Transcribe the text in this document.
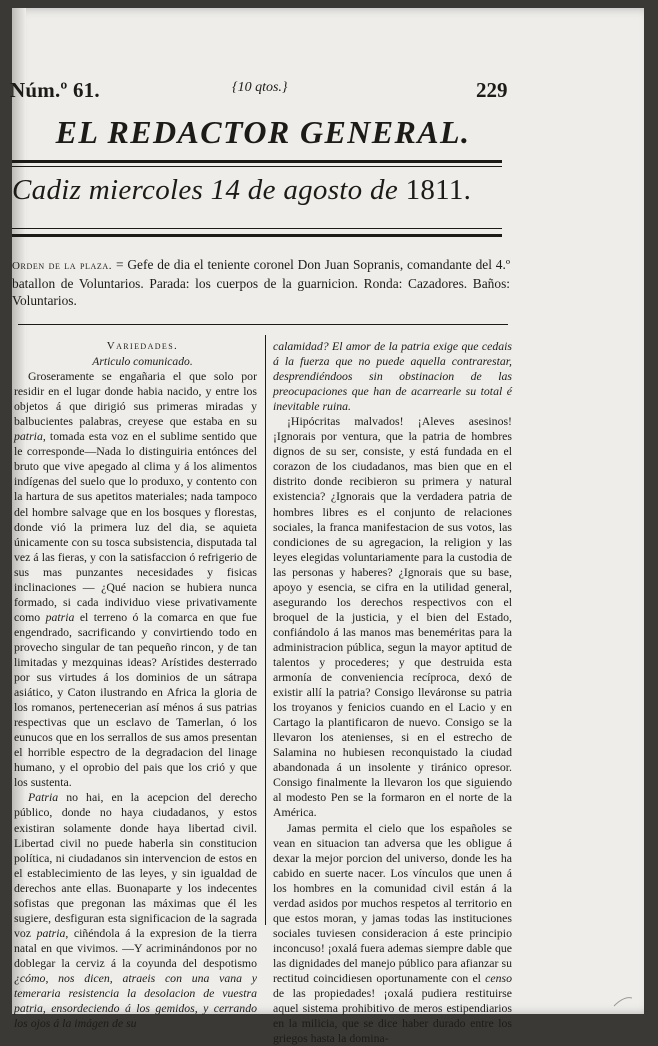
Núm.º 61.	{10 qtos.}	229
EL REDACTOR GENERAL.
Cadiz miercoles 14 de agosto de 1811.
Orden de la plaza. = Gefe de dia el teniente coronel Don Juan Sopranis, comandante del 4.º batallon de Voluntarios. Parada: los cuerpos de la guarnicion. Ronda: Cazadores. Baños: Voluntarios.

Variedades.

Articulo comunicado.

Groseramente se engañaria el que solo por residir en el lugar donde habia nacido, y entre los objetos á que dirigió sus primeras miradas y balbucientes palabras, creyese que estaba en su patria, tomada esta voz en el sublime sentido que le corresponde—Nada lo distinguiria entónces del bruto que vive apegado al clima y á los alimentos indígenas del suelo que lo produxo, y contento con la hartura de sus apetitos materiales; nada tampoco del hombre salvage que en los bosques y florestas, donde vió la primera luz del dia, se aquieta únicamente con su tosca subsistencia, disputada tal vez á las fieras, y con la satisfaccion ó refrigerio de sus mas punzantes necesidades y fisicas inclinaciones — ¿Qué nacion se hubiera nunca formado, si cada individuo viese privativamente como patria el terreno ó la comarca en que fue engendrado, sacrificando y convirtiendo todo en provecho singular de tan pequeño rincon, y de tan limitadas y mezquinas ideas? Arístides desterrado por sus virtudes á los dominios de un sátrapa asiático, y Caton ilustrando en Africa la gloria de los romanos, pertenecerian así ménos á sus patrias respectivas que un esclavo de Tamerlan, ó los eunucos que en los serrallos de sus amos presentan el horrible espectro de la degradacion del linage humano, y el oprobio del pais que los crió y que los sustenta.

Patria no hai, en la acepcion del derecho público, donde no haya ciudadanos, y estos existiran solamente donde haya libertad civil. Libertad civil no puede haberla sin constitucion política, ni ciudadanos sin intervencion de estos en el establecimiento de las leyes, y sin igualdad de derechos ante ellas. Buonaparte y los indecentes sofistas que pregonan las máximas que él les sugiere, desfiguran esta significacion de la sagrada voz patria, ciñéndola á la expresion de la tierra natal en que vivimos. —Y acriminándonos por no doblegar la cerviz á la coyunda del despotismo ¿cómo, nos dicen, atraeis con una vana y temeraria resistencia la desolacion de vuestra patria, ensordeciendo á los gemidos, y cerrando los ojos á la imágen de su

calamidad? El amor de la patria exige que cedais á la fuerza que no puede aquella contrarestar, desprendiéndoos sin obstinacion de las preocupaciones que han de acarrearle su total é inevitable ruina.

¡Hipócritas malvados! ¡Aleves asesinos! ¡Ignorais por ventura, que la patria de hombres dignos de su ser, consiste, y está fundada en el corazon de los ciudadanos, mas bien que en el distrito donde recibieron su primera y natural existencia? ¿Ignorais que la verdadera patria de hombres libres es el conjunto de relaciones sociales, la franca manifestacion de sus votos, las condiciones de su agregacion, la religion y las leyes elegidas voluntariamente para la custodia de las personas y haberes? ¿Ignorais que su base, apoyo y esencia, se cifra en la utilidad general, asegurando los derechos respectivos con el broquel de la justicia, y el bien del Estado, confiándolo á las manos mas beneméritas para la administracion pública, segun la mayor aptitud de talentos y procederes; y que destruida esta armonía de conveniencia recíproca, dexó de existir allí la patria? Consigo lleváronse su patria los troyanos y fenicios cuando en el Lacio y en Cartago la plantificaron de nuevo. Consigo se la llevaron los atenienses, si en el estrecho de Salamina no hubiesen reconquistado la ciudad abandonada á un insolente y tiránico opresor. Consigo finalmente la llevaron los que siguiendo al modesto Pen se la formaron en el norte de la América.

Jamas permita el cielo que los españoles se vean en situacion tan adversa que les obligue á dexar la mejor porcion del universo, donde les ha cabido en suerte nacer. Los vínculos que unen á los hombres en la comunidad civil están á la verdad asidos por muchos respetos al territorio en que estos moran, y jamas todas las instituciones sociales tuviesen consideracion á este principio inconcuso! ¡oxalá fuera ademas siempre dable que las dignidades del manejo público para afianzar su rectitud coincidiesen oportunamente con el censo de las propiedades! ¡oxalá pudiera restituirse aquel sistema prohibitivo de meros estipendiarios en la milicia, que se dice haber durado entre los griegos hasta la domina-
